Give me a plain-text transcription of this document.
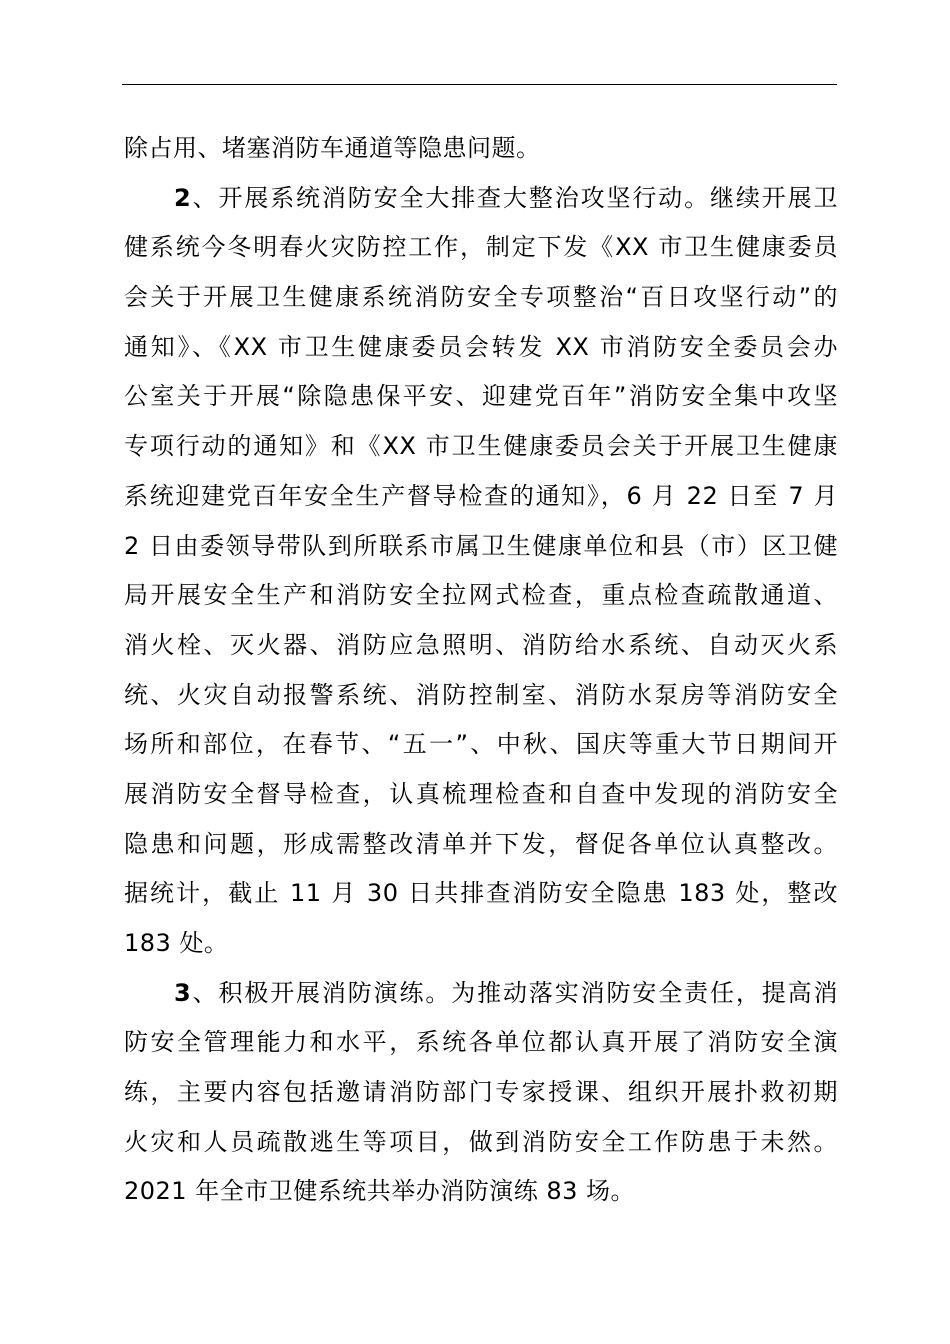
除占用、堵塞消防车通道等隐患问题。
2、开展系统消防安全大排查大整治攻坚行动。继续开展卫
健系统今冬明春火灾防控工作，制定下发《XX 市卫生健康委员
会关于开展卫生健康系统消防安全专项整治“百日攻坚行动”的
通知》、《XX 市卫生健康委员会转发 XX 市消防安全委员会办
公室关于开展“除隐患保平安、迎建党百年”消防安全集中攻坚
专项行动的通知》和《XX 市卫生健康委员会关于开展卫生健康
系统迎建党百年安全生产督导检查的通知》，6 月 22 日至 7 月
2 日由委领导带队到所联系市属卫生健康单位和县（市）区卫健
局开展安全生产和消防安全拉网式检查，重点检查疏散通道、
消火栓、灭火器、消防应急照明、消防给水系统、自动灭火系
统、火灾自动报警系统、消防控制室、消防水泵房等消防安全
场所和部位，在春节、“五一”、中秋、国庆等重大节日期间开
展消防安全督导检查，认真梳理检查和自查中发现的消防安全
隐患和问题，形成需整改清单并下发，督促各单位认真整改。
据统计，截止 11 月 30 日共排查消防安全隐患 183 处，整改
183 处。
3、积极开展消防演练。为推动落实消防安全责任，提高消
防安全管理能力和水平，系统各单位都认真开展了消防安全演
练，主要内容包括邀请消防部门专家授课、组织开展扑救初期
火灾和人员疏散逃生等项目，做到消防安全工作防患于未然。
2021 年全市卫健系统共举办消防演练 83 场。
